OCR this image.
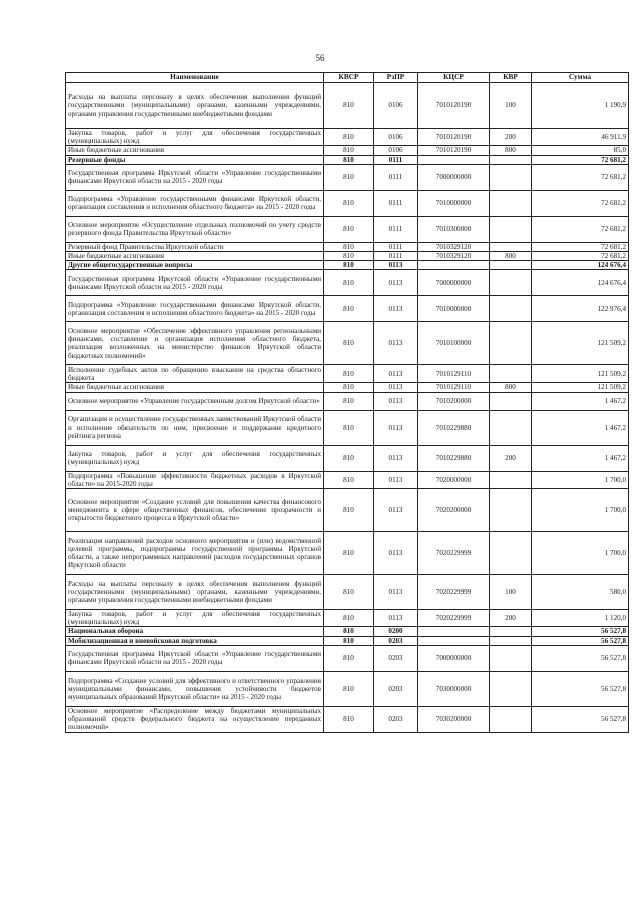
56
Наименование	КВСР	РзПР	КЦСР	КВР	Сумма
Расходы на выплаты персоналу в целях обеспечения выполнения функций государственными (муниципальными) органами, казенными учреждениями, органами управления государственными внебюджетными фондами	810	0106	7010120190	100	1 190,9
Закупка товаров, работ и услуг для обеспечения государственных (муниципальных) нужд	810	0106	7010120190	200	46 911,9
Иные бюджетные ассигнования	810	0106	7010120190	800	85,0
Резервные фонды	810	0111			72 681,2
Государственная программа Иркутской области «Управление государственными финансами Иркутской области на 2015 - 2020 годы	810	0111	7000000000		72 681,2
Подпрограмма «Управление государственными финансами Иркутской области, организация составления и исполнения областного бюджета» на 2015 - 2020 годы	810	0111	7010000000		72 681,2
Основное мероприятие «Осуществление отдельных полномочий по учету средств резервного фонда Правительства Иркутской области»	810	0111	7010300000		72 681,2
Резервный фонд Правительства Иркутской области	810	0111	7010329120		72 681,2
Иные бюджетные ассигнования	810	0111	7010329120	800	72 681,2
Другие общегосударственные вопросы	810	0113			124 676,4
Государственная программа Иркутской области «Управление государственными финансами Иркутской области на 2015 - 2020 годы	810	0113	7000000000		124 676,4
Подпрограмма «Управление государственными финансами Иркутской области, организация составления и исполнения областного бюджета» на 2015 - 2020 годы	810	0113	7010000000		122 976,4
Основное мероприятие «Обеспечение эффективного управления региональными финансами, составление и организация исполнения областного бюджета, реализация возложенных на министерство финансов Иркутской области бюджетных полномочий»	810	0113	7010100000		121 509,2
Исполнение судебных актов по обращению взыскания на средства областного бюджета	810	0113	7010129110		121 509,2
Иные бюджетные ассигнования	810	0113	7010129110	800	121 509,2
Основное мероприятие «Управление государственным долгом Иркутской области»	810	0113	7010200000		1 467,2
Организация и осуществление государственных заимствований Иркутской области и исполнение обязательств по ним, присвоение и поддержание кредитного рейтинга региона	810	0113	7010229880		1 467,2
Закупка товаров, работ и услуг для обеспечения государственных (муниципальных) нужд	810	0113	7010229880	200	1 467,2
Подпрограмма «Повышение эффективности бюджетных расходов в Иркутской области» на 2015-2020 годы	810	0113	7020000000		1 700,0
Основное мероприятие «Создание условий для повышения качества финансового менеджмента в сфере общественных финансов, обеспечение прозрачности и открытости бюджетного процесса в Иркутской области»	810	0113	7020200000		1 700,0
Реализация направлений расходов основного мероприятия и (или) ведомственной целевой программы, подпрограммы государственной программы Иркутской области, а также непрограммных направлений расходов государственных органов Иркутской области	810	0113	7020229999		1 700,0
Расходы на выплаты персоналу в целях обеспечения выполнения функций государственными (муниципальными) органами, казенными учреждениями, органами управления государственными внебюджетными фондами	810	0113	7020229999	100	580,0
Закупка товаров, работ и услуг для обеспечения государственных (муниципальных) нужд	810	0113	7020229999	200	1 120,0
Национальная оборона	810	0200			56 527,8
Мобилизационная и вневойсковая подготовка	810	0203			56 527,8
Государственная программа Иркутской области «Управление государственными финансами Иркутской области на 2015 - 2020 годы	810	0203	7000000000		56 527,8
Подпрограмма «Создание условий для эффективного и ответственного управления муниципальными финансами, повышения устойчивости бюджетов муниципальных образований Иркутской области» на 2015 - 2020 годы	810	0203	7030000000		56 527,8
Основное мероприятие «Распределение между бюджетами муниципальных образований средств федерального бюджета на осуществление переданных полномочий»	810	0203	7030200000		56 527,8
